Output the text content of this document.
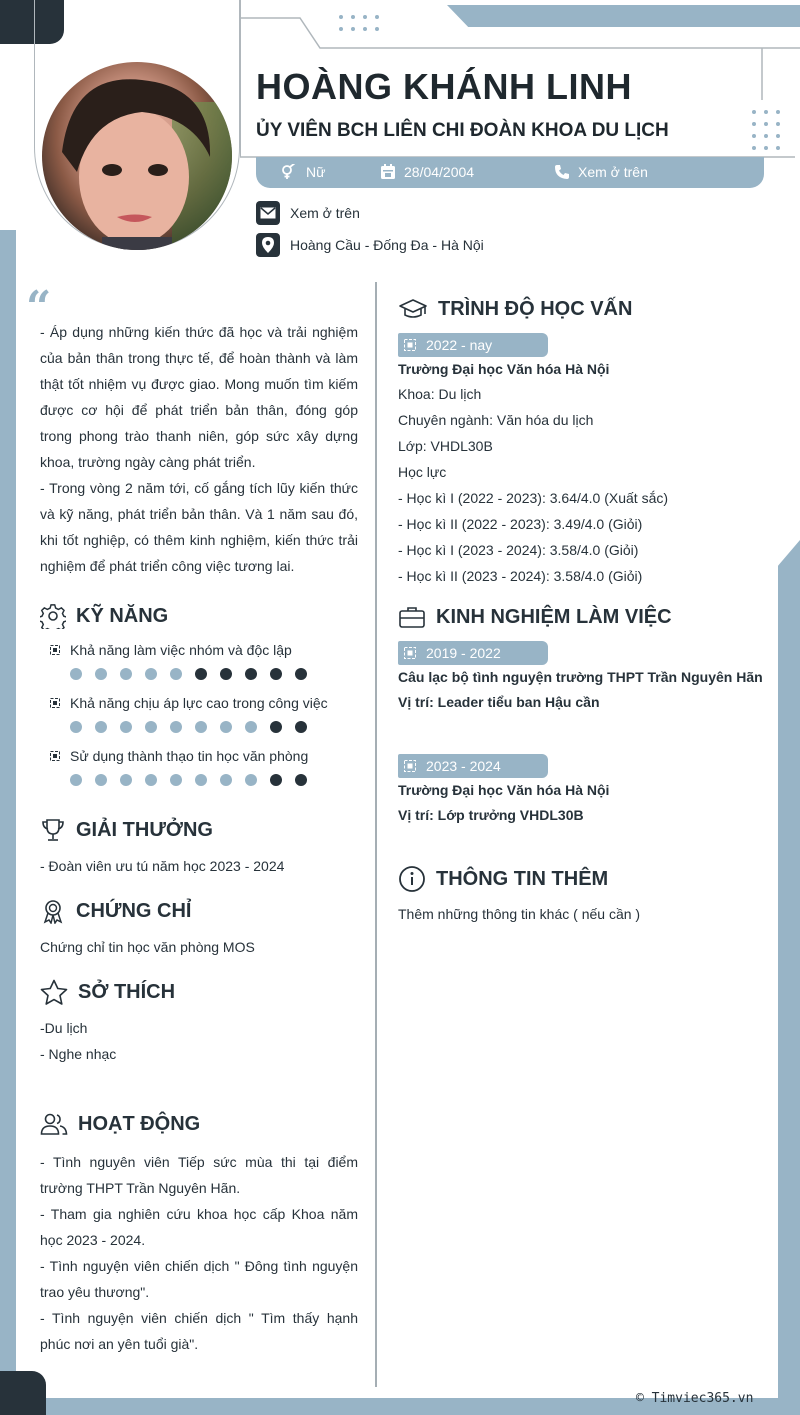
HOÀNG KHÁNH LINH
ỦY VIÊN BCH LIÊN CHI ĐOÀN KHOA DU LỊCH
Nữ	28/04/2004	Xem ở trên
Xem ở trên
Hoàng Cầu - Đống Đa - Hà Nội
“
- Áp dụng những kiến thức đã học và trải nghiệm của bản thân trong thực tế, để hoàn thành và làm thật tốt nhiệm vụ được giao. Mong muốn tìm kiếm được cơ hội để phát triển bản thân, đóng góp trong phong trào thanh niên, góp sức xây dựng khoa, trường ngày càng phát triển.
- Trong vòng 2 năm tới, cố gắng tích lũy kiến thức và kỹ năng, phát triển bản thân. Và 1 năm sau đó, khi tốt nghiệp, có thêm kinh nghiệm, kiến thức trải nghiệm để phát triển công việc tương lai.
KỸ NĂNG
Khả năng làm việc nhóm và độc lập
Khả năng chịu áp lực cao trong công việc
Sử dụng thành thạo tin học văn phòng
GIẢI THƯỞNG
- Đoàn viên ưu tú năm học 2023 - 2024
CHỨNG CHỈ
Chứng chỉ tin học văn phòng MOS
SỞ THÍCH
-Du lịch
- Nghe nhạc
HOẠT ĐỘNG
- Tình nguyên viên Tiếp sức mùa thi tại điểm trường THPT Trần Nguyên Hãn.
- Tham gia nghiên cứu khoa học cấp Khoa năm học 2023 - 2024.
- Tình nguyện viên chiến dịch " Đông tình nguyện trao yêu thương".
- Tình nguyện viên chiến dịch " Tìm thấy hạnh phúc nơi an yên tuổi già".
TRÌNH ĐỘ HỌC VẤN
2022 - nay
Trường Đại học Văn hóa Hà Nội
Khoa: Du lịch
Chuyên ngành: Văn hóa du lịch
Lớp: VHDL30B
Học lực
- Học kì I (2022 - 2023): 3.64/4.0 (Xuất sắc)
- Học kì II (2022 - 2023): 3.49/4.0 (Giỏi)
- Học kì I (2023 - 2024): 3.58/4.0 (Giỏi)
- Học kì II (2023 - 2024): 3.58/4.0 (Giỏi)
KINH NGHIỆM LÀM VIỆC
2019 - 2022
Câu lạc bộ tình nguyện trường THPT Trần Nguyên Hãn
Vị trí: Leader tiểu ban Hậu cần
2023 - 2024
Trường Đại học Văn hóa Hà Nội
Vị trí: Lớp trưởng VHDL30B
THÔNG TIN THÊM
Thêm những thông tin khác ( nếu cần )
© Timviec365.vn
